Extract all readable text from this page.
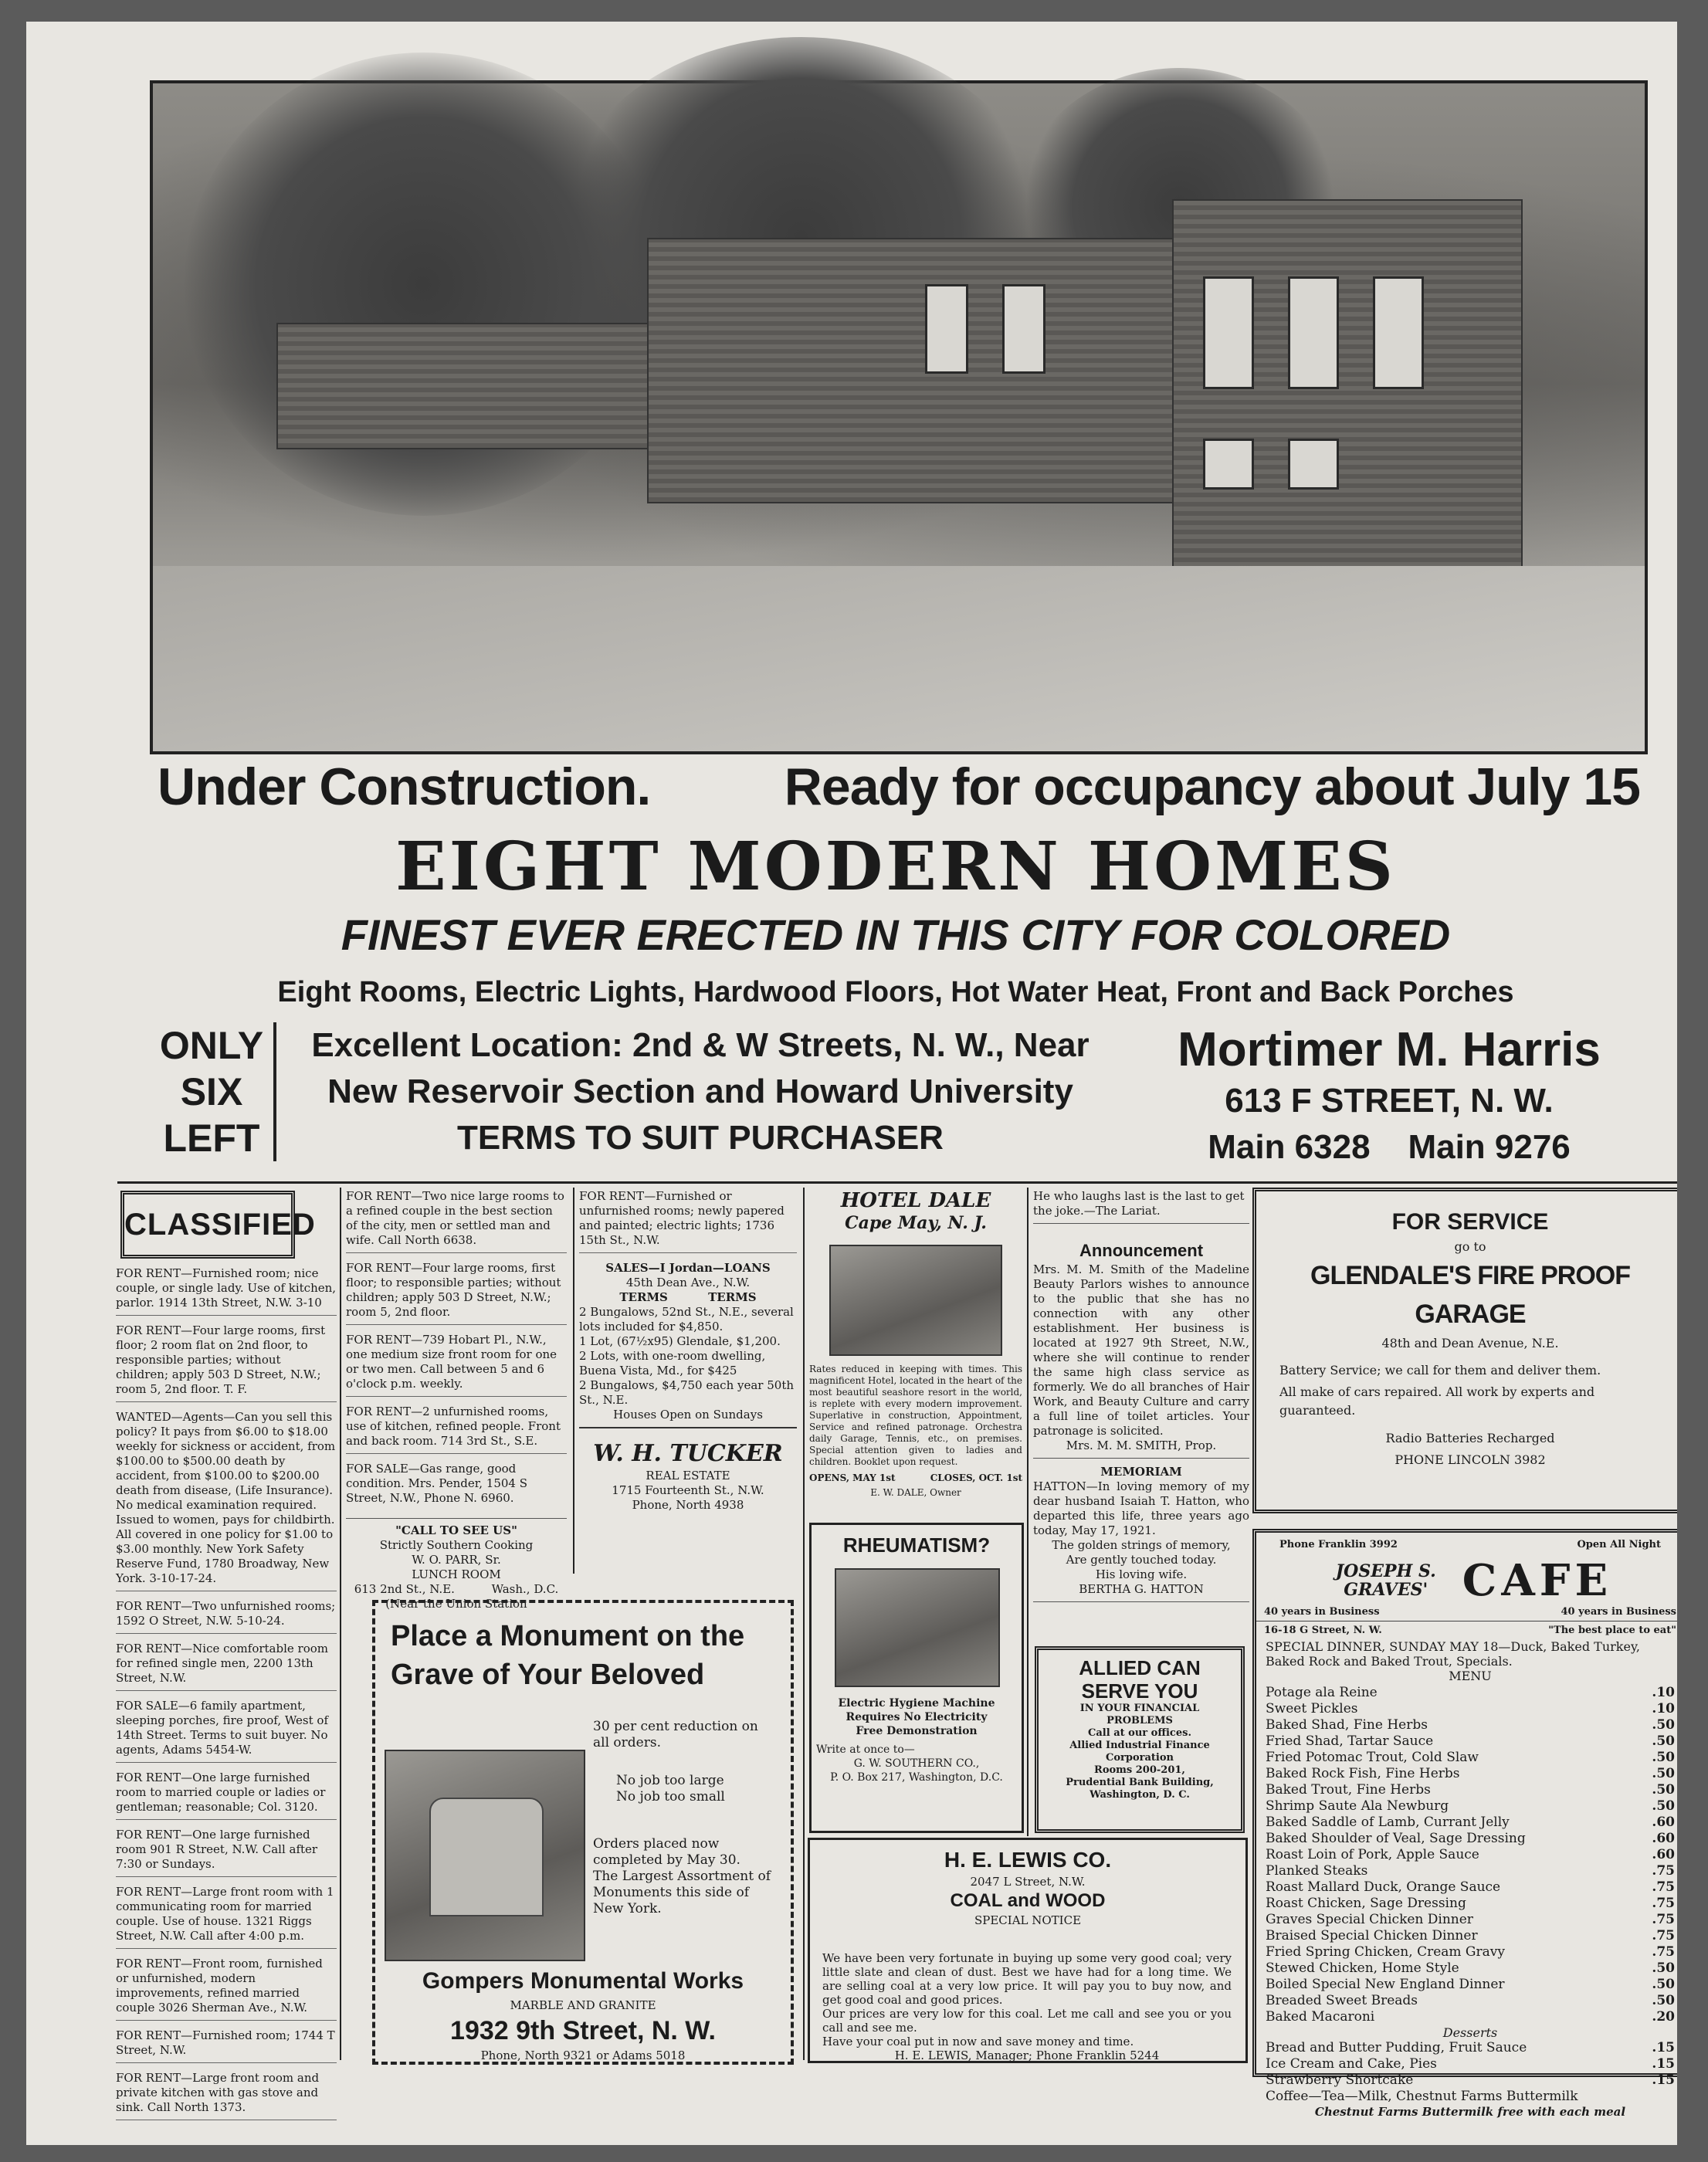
Under Construction.	Ready for occupancy about July 15
EIGHT MODERN HOMES
FINEST EVER ERECTED IN THIS CITY FOR COLORED
Eight Rooms, Electric Lights, Hardwood Floors, Hot Water Heat, Front and Back Porches
ONLY
SIX
LEFT
Excellent Location: 2nd & W Streets, N. W., Near
New Reservoir Section and Howard University
TERMS TO SUIT PURCHASER
Mortimer M. Harris
613 F STREET, N. W.
Main 6328    Main 9276
CLASSIFIED

FOR RENT—Furnished room; nice couple, or single lady. Use of kitchen, parlor. 1914 13th Street, N.W. 3-10

FOR RENT—Four large rooms, first floor; 2 room flat on 2nd floor, to responsible parties; without children; apply 503 D Street, N.W.; room 5, 2nd floor. T. F.

WANTED—Agents—Can you sell this policy? It pays from $6.00 to $18.00 weekly for sickness or accident, from $100.00 to $500.00 death by accident, from $100.00 to $200.00 death from disease, (Life Insurance). No medical examination required. Issued to women, pays for childbirth. All covered in one policy for $1.00 to $3.00 monthly. New York Safety Reserve Fund, 1780 Broadway, New York. 3-10-17-24.

FOR RENT—Two unfurnished rooms; 1592 O Street, N.W. 5-10-24.

FOR RENT—Nice comfortable room for refined single men, 2200 13th Street, N.W.

FOR SALE—6 family apartment, sleeping porches, fire proof, West of 14th Street. Terms to suit buyer. No agents, Adams 5454-W.

FOR RENT—One large furnished room to married couple or ladies or gentleman; reasonable; Col. 3120.

FOR RENT—One large furnished room 901 R Street, N.W. Call after 7:30 or Sundays.

FOR RENT—Large front room with 1 communicating room for married couple. Use of house. 1321 Riggs Street, N.W. Call after 4:00 p.m.

FOR RENT—Front room, furnished or unfurnished, modern improvements, refined married couple 3026 Sherman Ave., N.W.

FOR RENT—Furnished room; 1744 T Street, N.W.

FOR RENT—Large front room and private kitchen with gas stove and sink. Call North 1373.

FOR RENT—Two nice large rooms to a refined couple in the best section of the city, men or settled man and wife. Call North 6638.

FOR RENT—Four large rooms, first floor; to responsible parties; without children; apply 503 D Street, N.W.; room 5, 2nd floor.

FOR RENT—739 Hobart Pl., N.W., one medium size front room for one or two men. Call between 5 and 6 o'clock p.m. weekly.

FOR RENT—2 unfurnished rooms, use of kitchen, refined people. Front and back room. 714 3rd St., S.E.

FOR SALE—Gas range, good condition. Mrs. Pender, 1504 S Street, N.W., Phone N. 6960.

"CALL TO SEE US"
Strictly Southern Cooking
W. O. PARR, Sr.
LUNCH ROOM
613 2nd St., N.E.          Wash., D.C.
(Near the Union Station

FOR RENT—Furnished or unfurnished rooms; newly papered and painted; electric lights; 1736 15th St., N.W.

SALES—I Jordan—LOANS
45th Dean Ave., N.W.
TERMS          TERMS
2 Bungalows, 52nd St., N.E., several lots included for $4,850.
1 Lot, (67½x95) Glendale, $1,200.
2 Lots, with one-room dwelling, Buena Vista, Md., for $425
2 Bungalows, $4,750 each year 50th St., N.E.
Houses Open on Sundays
W. H. TUCKER
REAL ESTATE
1715 Fourteenth St., N.W.
Phone, North 4938
Place a Monument on the
Grave of Your Beloved
30 per cent reduction on all orders.
No job too large
No job too small
Orders placed now completed by May 30.
The Largest Assortment of Monuments this side of New York.
Gompers Monumental Works
MARBLE AND GRANITE
1932 9th Street, N. W.
Phone, North 9321 or Adams 5018
HOTEL DALE
Cape May, N. J.
Rates reduced in keeping with times. This magnificent Hotel, located in the heart of the most beautiful seashore resort in the world, is replete with every modern improvement. Superlative in construction, Appointment, Service and refined patronage. Orchestra daily Garage, Tennis, etc., on premises. Special attention given to ladies and children. Booklet upon request.
OPENS, MAY 1st	CLOSES, OCT. 1st
E. W. DALE, Owner
RHEUMATISM?
Electric Hygiene Machine
Requires No Electricity
Free Demonstration
Write at once to—
G. W. SOUTHERN CO.,
P. O. Box 217, Washington, D.C.
He who laughs last is the last to get the joke.—The Lariat.
Announcement
Mrs. M. M. Smith of the Madeline Beauty Parlors wishes to announce to the public that she has no connection with any other establishment. Her business is located at 1927 9th Street, N.W., where she will continue to render the same high class service as formerly. We do all branches of Hair Work, and Beauty Culture and carry a full line of toilet articles. Your patronage is solicited.
Mrs. M. M. SMITH, Prop.
MEMORIAM
HATTON—In loving memory of my dear husband Isaiah T. Hatton, who departed this life, three years ago today, May 17, 1921.
The golden strings of memory,
Are gently touched today.
His loving wife.
BERTHA G. HATTON
ALLIED CAN
SERVE YOU
IN YOUR FINANCIAL
PROBLEMS
Call at our offices.
Allied Industrial Finance
Corporation
Rooms 200-201,
Prudential Bank Building,
Washington, D. C.
H. E. LEWIS CO.
2047 L Street, N.W.
COAL and WOOD
SPECIAL NOTICE
We have been very fortunate in buying up some very good coal; very little slate and clean of dust. Best we have had for a long time. We are selling coal at a very low price. It will pay you to buy now, and get good coal and good prices.
Our prices are very low for this coal. Let me call and see you or you call and see me.
Have your coal put in now and save money and time.
H. E. LEWIS, Manager; Phone Franklin 5244
FOR SERVICE
go to
GLENDALE'S FIRE PROOF GARAGE
48th and Dean Avenue, N.E.
Battery Service; we call for them and deliver them.
All make of cars repaired. All work by experts and guaranteed.
Radio Batteries Recharged
PHONE LINCOLN 3982
Phone Franklin 3992	Open All Night
JOSEPH S. GRAVES' CAFE
40 years in Business	40 years in Business
16-18 G Street, N. W.	"The best place to eat"
SPECIAL DINNER, SUNDAY MAY 18—Duck, Baked Turkey, Baked Rock and Baked Trout, Specials.
MENU
Potage ala Reine	.10
Sweet Pickles	.10
Baked Shad, Fine Herbs	.50
Fried Shad, Tartar Sauce	.50
Fried Potomac Trout, Cold Slaw	.50
Baked Rock Fish, Fine Herbs	.50
Baked Trout, Fine Herbs	.50
Shrimp Saute Ala Newburg	.50
Baked Saddle of Lamb, Currant Jelly	.60
Baked Shoulder of Veal, Sage Dressing	.60
Roast Loin of Pork, Apple Sauce	.60
Planked Steaks	.75
Roast Mallard Duck, Orange Sauce	.75
Roast Chicken, Sage Dressing	.75
Graves Special Chicken Dinner	.75
Braised Special Chicken Dinner	.75
Fried Spring Chicken, Cream Gravy	.75
Stewed Chicken, Home Style	.50
Boiled Special New England Dinner	.50
Breaded Sweet Breads	.50
Baked Macaroni	.20
Desserts
Bread and Butter Pudding, Fruit Sauce	.15
Ice Cream and Cake, Pies	.15
Strawberry Shortcake	.15
Coffee—Tea—Milk, Chestnut Farms Buttermilk
Chestnut Farms Buttermilk free with each meal
